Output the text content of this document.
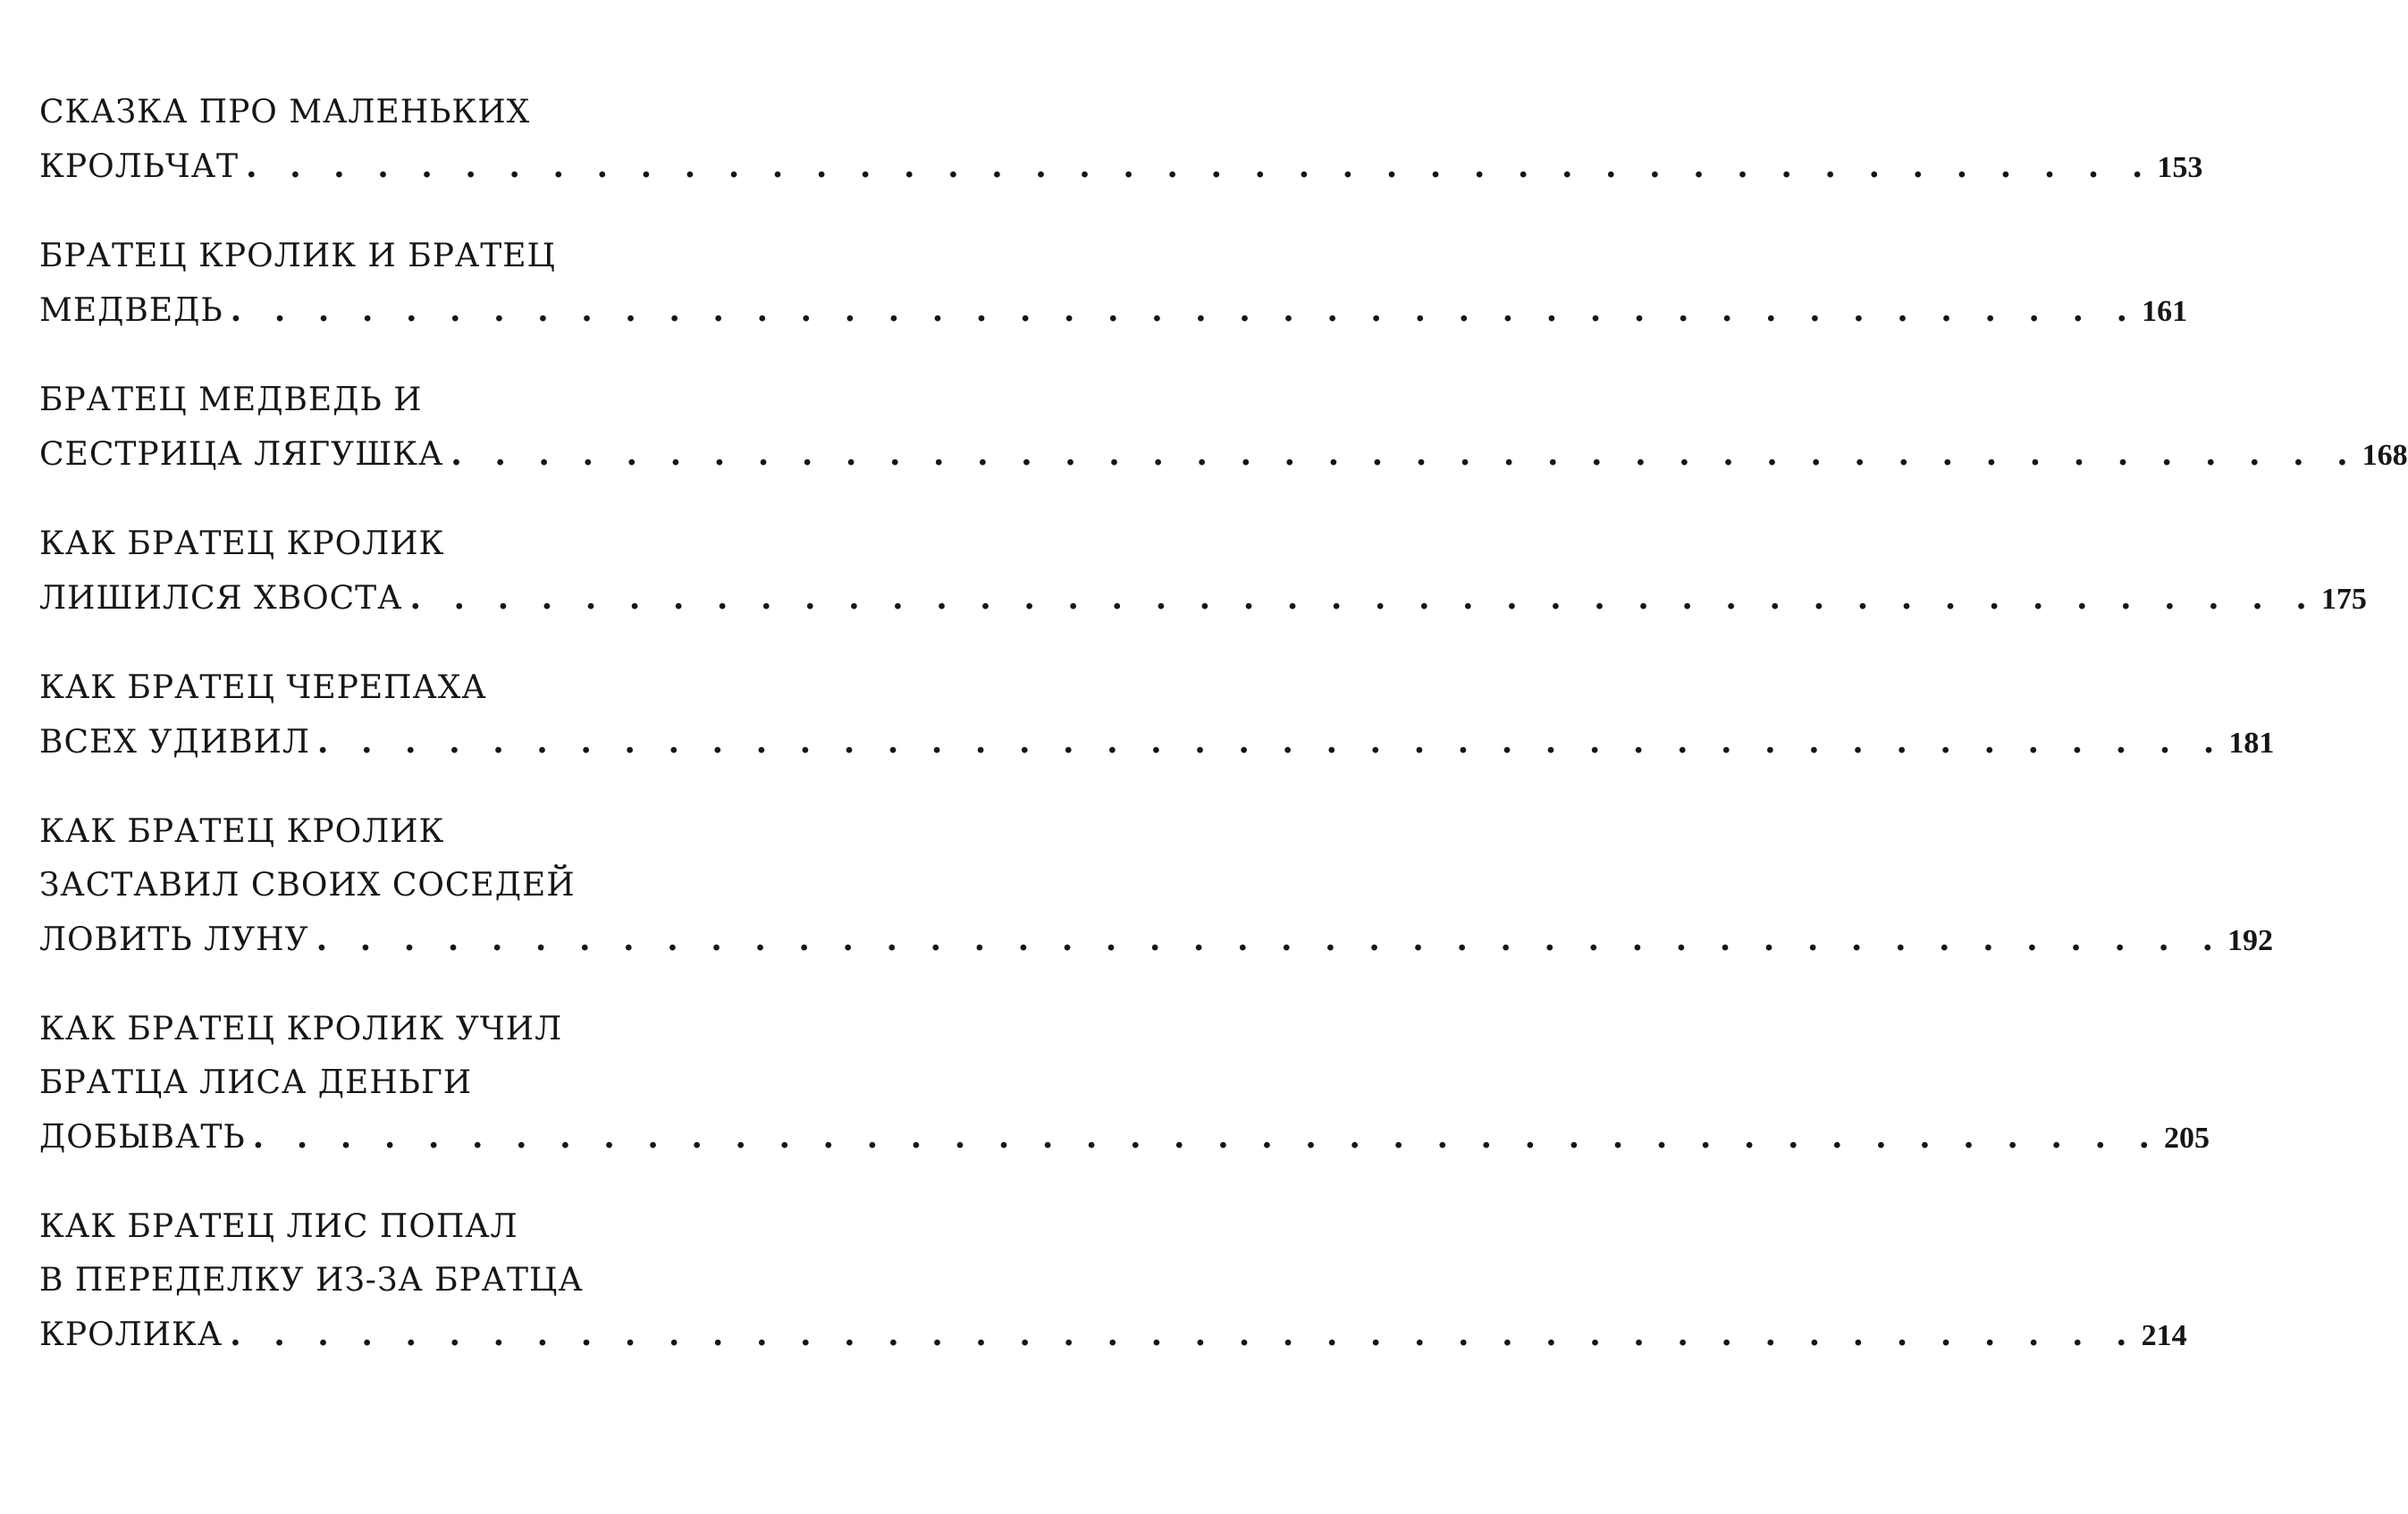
СКАЗКА ПРО МАЛЕНЬКИХ
КРОЛЬЧАТ . . . . . . . . . . . . . . . . . . . . . . . . . . . . . . . . . . . . . . . . . . . . 153
БРАТЕЦ КРОЛИК И БРАТЕЦ
МЕДВЕДЬ . . . . . . . . . . . . . . . . . . . . . . . . . . . . . . . . . . . . . . . . . . . . 161
БРАТЕЦ МЕДВЕДЬ И
СЕСТРИЦА ЛЯГУШКА . . . . . . . . . . . . . . . . . . . . . . . . . . . . . . . . . . . . . . . . . . . . 168
КАК БРАТЕЦ КРОЛИК
ЛИШИЛСЯ ХВОСТА . . . . . . . . . . . . . . . . . . . . . . . . . . . . . . . . . . . . . . . . . . . . 175
КАК БРАТЕЦ ЧЕРЕПАХА
ВСЕХ УДИВИЛ . . . . . . . . . . . . . . . . . . . . . . . . . . . . . . . . . . . . . . . . . . . . 181
КАК БРАТЕЦ КРОЛИК
ЗАСТАВИЛ СВОИХ СОСЕДЕЙ
ЛОВИТЬ ЛУНУ . . . . . . . . . . . . . . . . . . . . . . . . . . . . . . . . . . . . . . . . . . . . 192
КАК БРАТЕЦ КРОЛИК УЧИЛ
БРАТЦА ЛИСА ДЕНЬГИ
ДОБЫВАТЬ . . . . . . . . . . . . . . . . . . . . . . . . . . . . . . . . . . . . . . . . . . . . 205
КАК БРАТЕЦ ЛИС ПОПАЛ
В ПЕРЕДЕЛКУ ИЗ-ЗА БРАТЦА
КРОЛИКА . . . . . . . . . . . . . . . . . . . . . . . . . . . . . . . . . . . . . . . . . . . . 214
